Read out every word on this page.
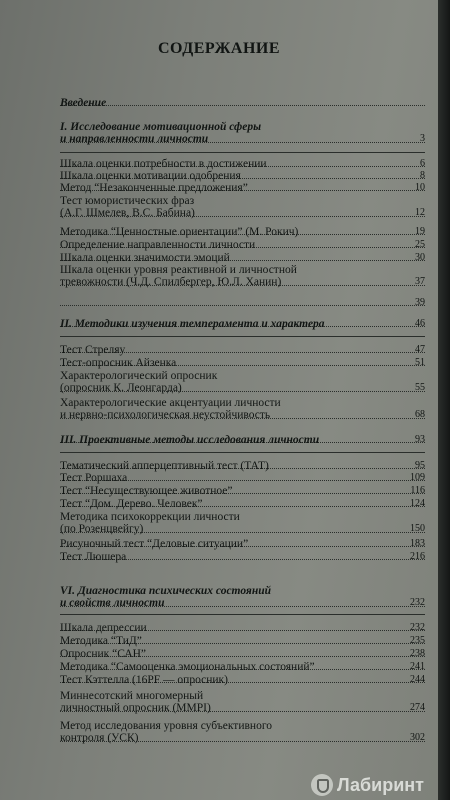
СОДЕРЖАНИЕ
Введение
I. Исследование мотивационной сферы
и направленности личности	3
Шкала оценки потребности в достижении	6
Шкала оценки мотивации одобрения	8
Метод “Незаконченные предложения”	10
Тест юмористических фраз
(А.Г. Шмелев, В.С. Бабина)	12
Методика “Ценностные ориентации” (М. Рокич)	19
Определение направленности личности	25
Шкала оценки значимости эмоций	30
Шкала оценки уровня реактивной и личностной
тревожности (Ч.Д. Спилбергер, Ю.Л. Ханин)	37
39
II. Методики изучения темперамента и характера	46
Тест Стреляу	47
Тест-опросник Айзенка	51
Характерологический опросник
(опросник К. Леонгарда)	55
Характерологические акцентуации личности
и нервно-психологическая неустойчивость	68
III. Проективные методы исследования личности	93
Тематический апперцептивный тест (ТАТ)	95
Тест Роршаха	109
Тест “Несуществующее животное”	116
Тест “Дом. Дерево. Человек”	124
Методика психокоррекции личности
(по Розенцвейгу)	150
Рисуночный тест “Деловые ситуации”	183
Тест Люшера	216
VI. Диагностика психических состояний
и свойств личности	232
Шкала депрессии	232
Методика “ТиД”	235
Опросник “САН”	238
Методика “Самооценка эмоциональных состояний”	241
Тест Кэттелла (16PF — опросник)	244
Миннесотский многомерный
личностный опросник (MMPI)	274
Метод исследования уровня субъективного
контроля (УСК)	302
Лабиринт
